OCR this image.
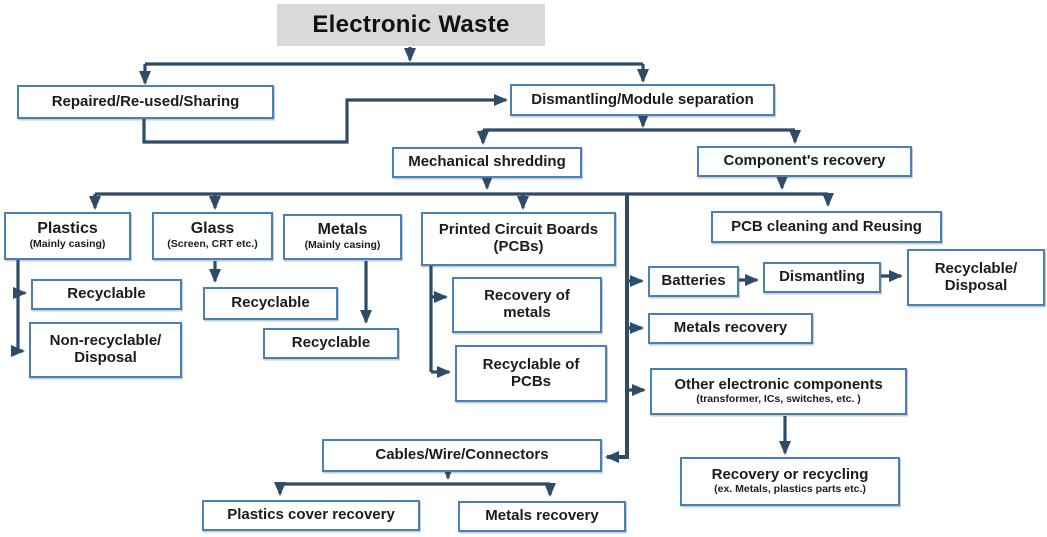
Electronic Waste
Repaired/Re-used/Sharing	Dismantling/Module separation
Mechanical shredding	Component's recovery
Plastics
(Mainly casing)
Glass
(Screen, CRT etc.)
Metals
(Mainly casing)
Printed Circuit Boards
(PCBs)
Recyclable
Non-recyclable/
Disposal
Recyclable
Recyclable
Recovery of
metals
Recyclable of
PCBs
PCB cleaning and Reusing
Batteries	Dismantling	Recyclable/
Disposal
Metals recovery
Other electronic components
(transformer, ICs, switches, etc. )
Recovery or recycling
(ex. Metals, plastics parts etc.)
Cables/Wire/Connectors
Plastics cover recovery	Metals recovery
